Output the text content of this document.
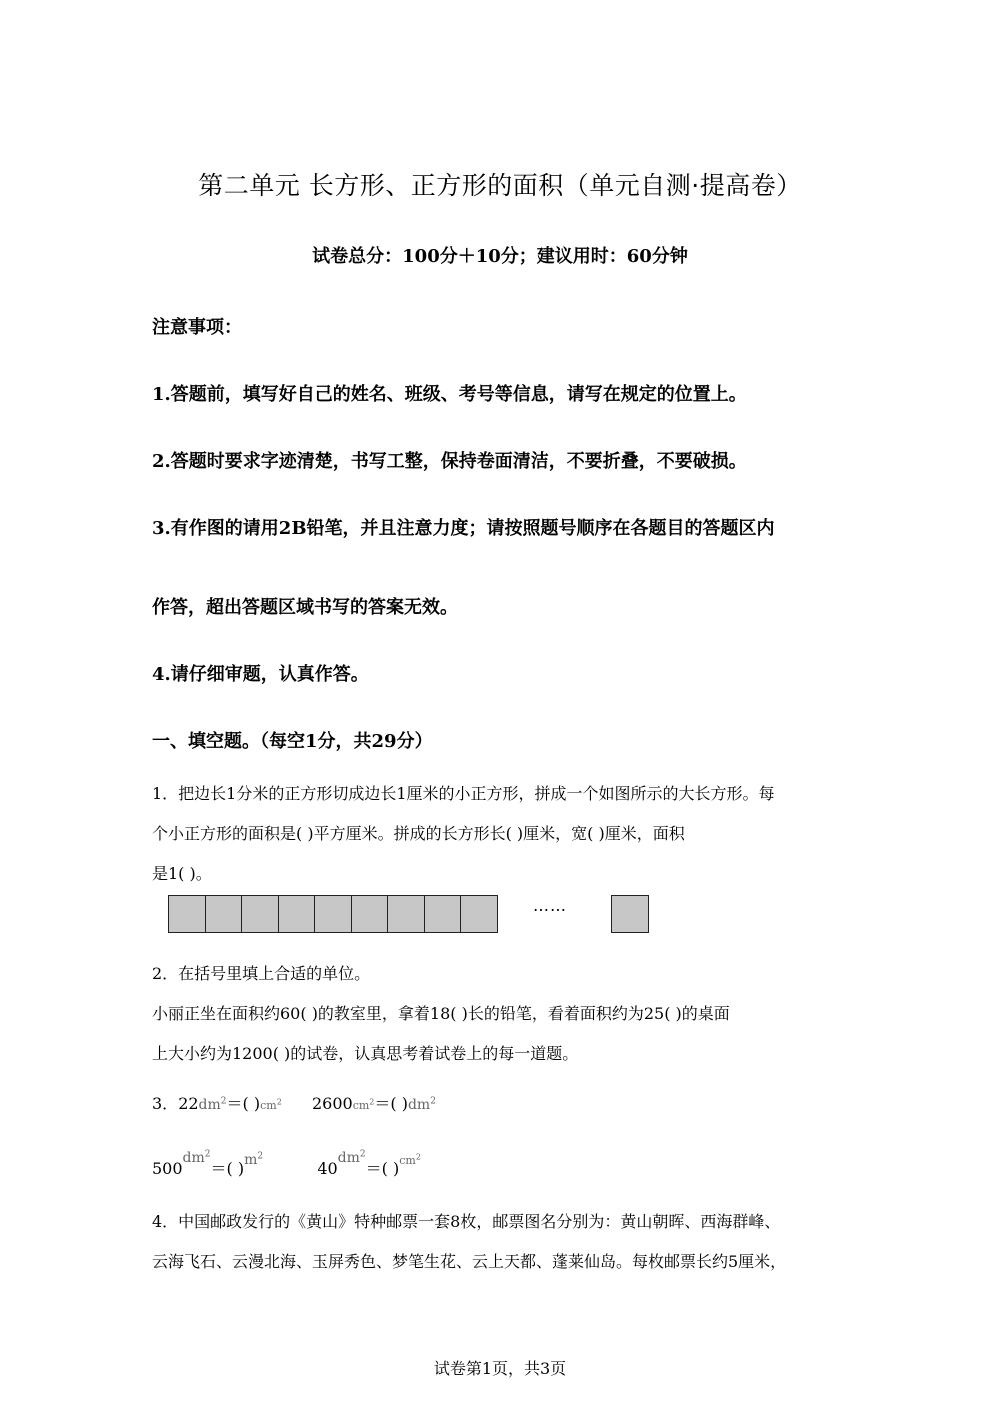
第二单元 长方形、正方形的面积（单元自测·提高卷）
试卷总分：100分＋10分；建议用时：60分钟
注意事项：
1.答题前，填写好自己的姓名、班级、考号等信息，请写在规定的位置上。
2.答题时要求字迹清楚，书写工整，保持卷面清洁，不要折叠，不要破损。
3.有作图的请用2B铅笔，并且注意力度；请按照题号顺序在各题目的答题区内
作答，超出答题区域书写的答案无效。
4.请仔细审题，认真作答。
一、填空题。（每空1分，共29分）
1．把边长1分米的正方形切成边长1厘米的小正方形，拼成一个如图所示的大长方形。每
个小正方形的面积是( )平方厘米。拼成的长方形长( )厘米，宽( )厘米，面积
是1( )。
……
2．在括号里填上合适的单位。
小丽正坐在面积约60( )的教室里，拿着18( )长的铅笔，看着面积约为25( )的桌面
上大小约为1200( )的试卷，认真思考着试卷上的每一道题。
3．$22dm^2=$( )$cm^2$ $2600cm^2=$( )$dm^2$
$500dm^2=$( )$m^2$  $40dm^2=$( )$cm^2$
4．中国邮政发行的《黄山》特种邮票一套8枚，邮票图名分别为：黄山朝晖、西海群峰、
云海飞石、云漫北海、玉屏秀色、梦笔生花、云上天都、蓬莱仙岛。每枚邮票长约5厘米，
试卷第1页，共3页
